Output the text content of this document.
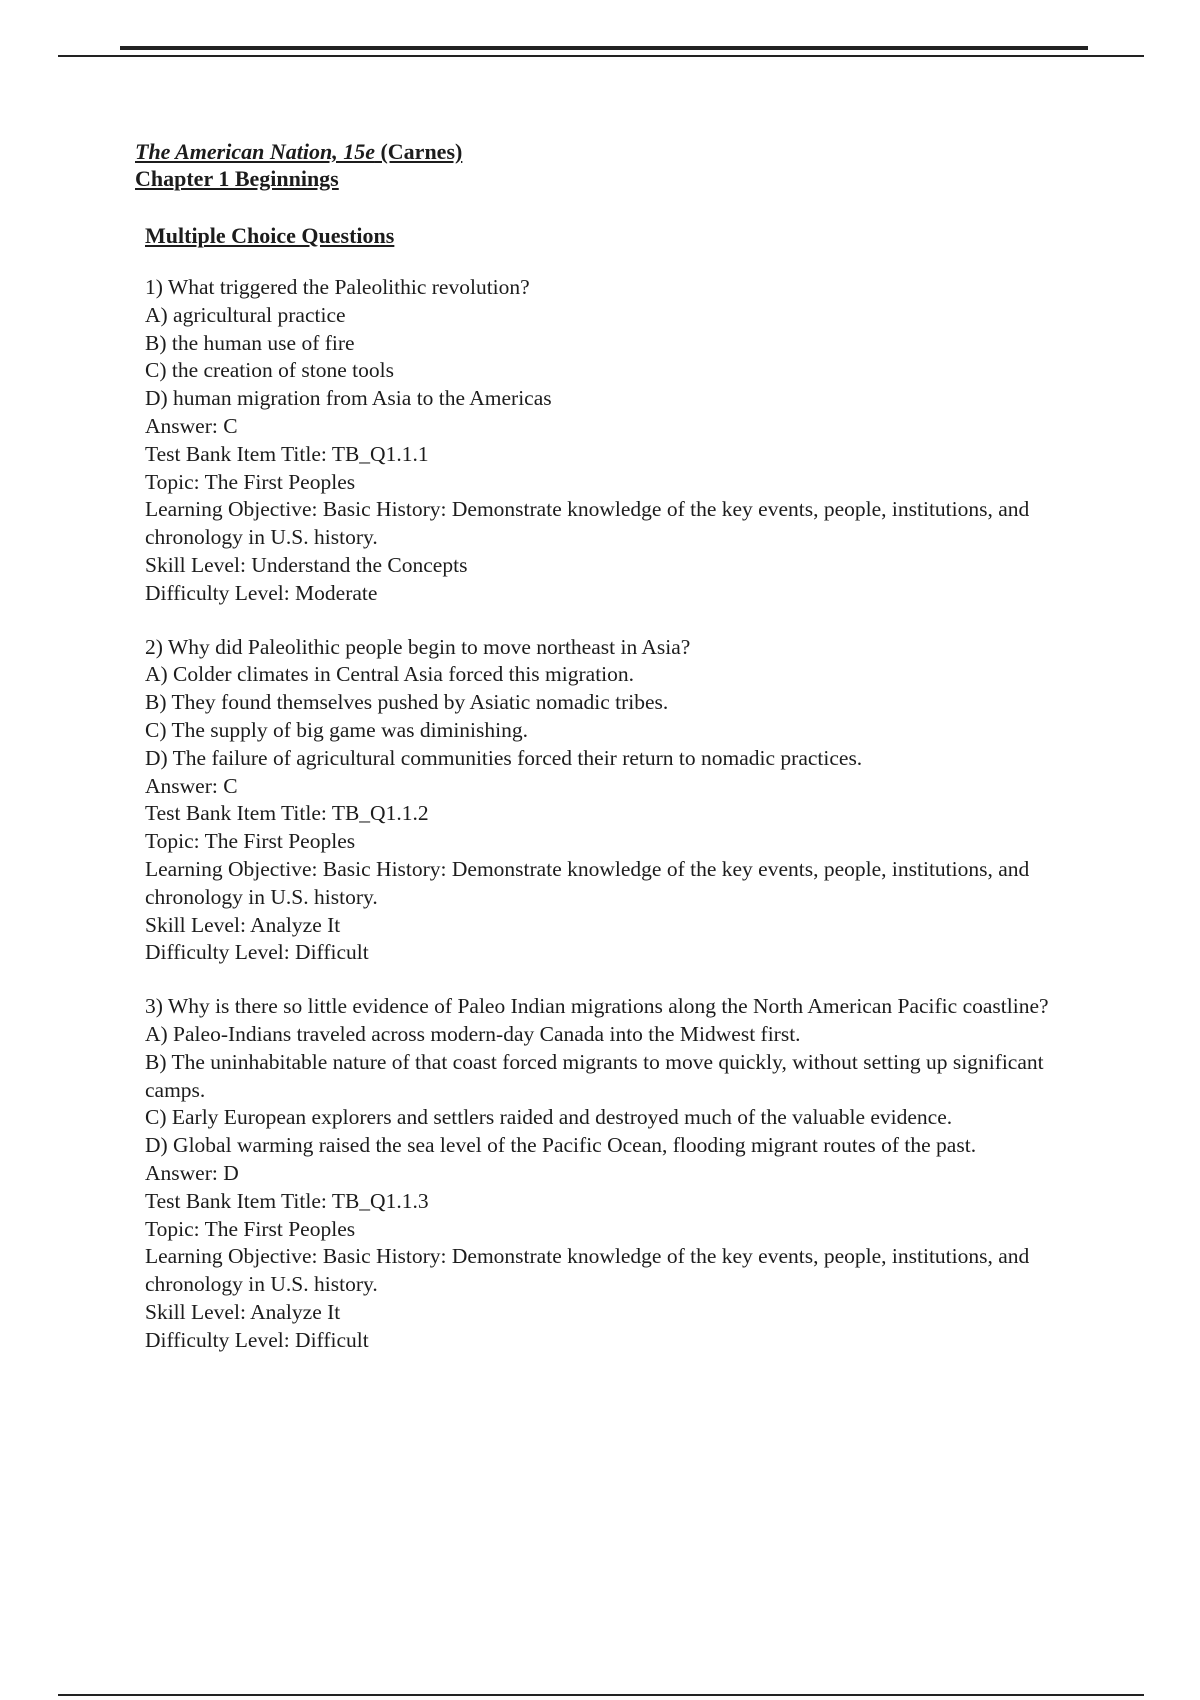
The American Nation, 15e (Carnes)

Chapter 1 Beginnings

Multiple Choice Questions

1) What triggered the Paleolithic revolution?

A) agricultural practice

B) the human use of fire

C) the creation of stone tools

D) human migration from Asia to the Americas

Answer: C

Test Bank Item Title: TB_Q1.1.1

Topic: The First Peoples

Learning Objective: Basic History: Demonstrate knowledge of the key events, people, institutions, and chronology in U.S. history.

Skill Level: Understand the Concepts

Difficulty Level: Moderate

2) Why did Paleolithic people begin to move northeast in Asia?

A) Colder climates in Central Asia forced this migration.

B) They found themselves pushed by Asiatic nomadic tribes.

C) The supply of big game was diminishing.

D) The failure of agricultural communities forced their return to nomadic practices.

Answer: C

Test Bank Item Title: TB_Q1.1.2

Topic: The First Peoples

Learning Objective: Basic History: Demonstrate knowledge of the key events, people, institutions, and chronology in U.S. history.

Skill Level: Analyze It

Difficulty Level: Difficult

3) Why is there so little evidence of Paleo Indian migrations along the North American Pacific coastline?

A) Paleo-Indians traveled across modern-day Canada into the Midwest first.

B) The uninhabitable nature of that coast forced migrants to move quickly, without setting up significant camps.

C) Early European explorers and settlers raided and destroyed much of the valuable evidence.

D) Global warming raised the sea level of the Pacific Ocean, flooding migrant routes of the past.

Answer: D

Test Bank Item Title: TB_Q1.1.3

Topic: The First Peoples

Learning Objective: Basic History: Demonstrate knowledge of the key events, people, institutions, and chronology in U.S. history.

Skill Level: Analyze It

Difficulty Level: Difficult
